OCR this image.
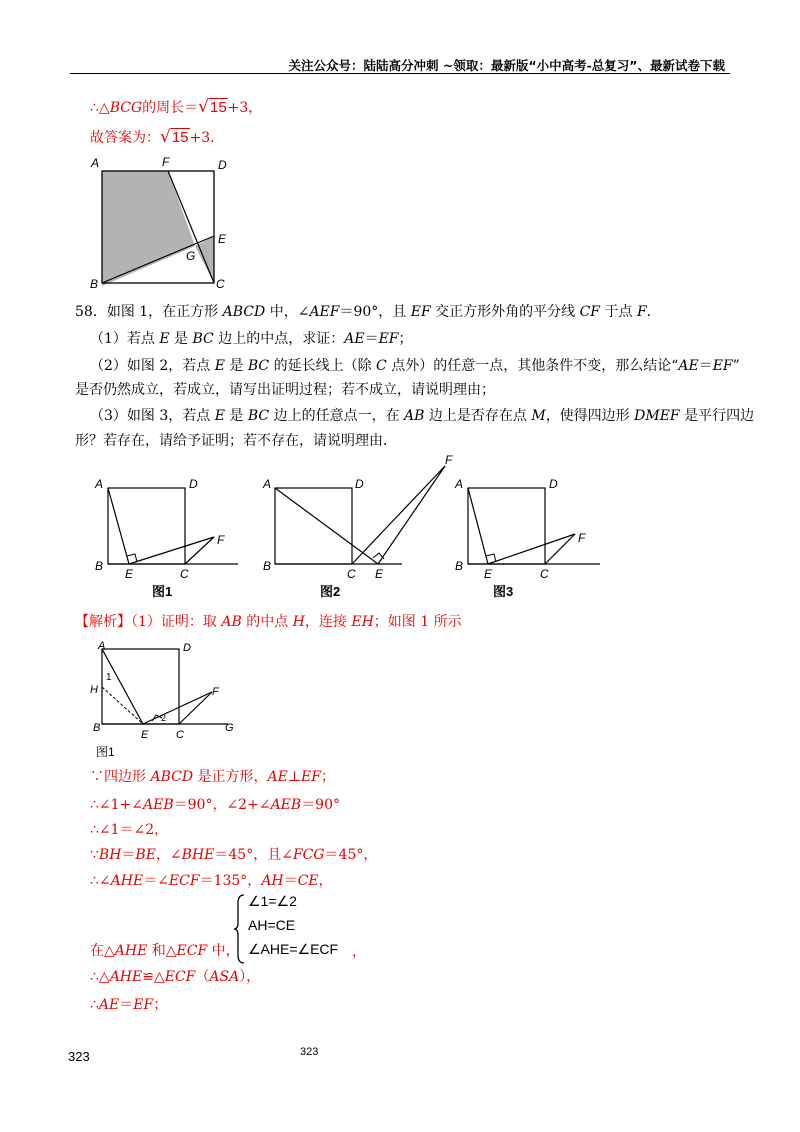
关注公众号：陆陆高分冲刺 ~领取：最新版“小中高考-总复习”、最新试卷下载
∴△BCG的周长＝√15+3，
故答案为：√15+3．
A	F	D
E
G
B	C
58．如图 1，在正方形 ABCD 中，∠AEF＝90°，且 EF 交正方形外角的平分线 CF 于点 F．
（1）若点 E 是 BC 边上的中点，求证：AE＝EF；
（2）如图 2，若点 E 是 BC 的延长线上（除 C 点外）的任意一点，其他条件不变，那么结论“AE＝EF”
是否仍然成立，若成立，请写出证明过程；若不成立，请说明理由；
（3）如图 3，若点 E 是 BC 边上的任意点一，在 AB 边上是否存在点 M，使得四边形 DMEF 是平行四边
形？若存在，请给予证明；若不存在，请说明理由．
A	D
B
E	C
F
图1
A	D
B
C E
F
图2
A	D
B
E	C
F
图3
【解析】（1）证明：取 AB 的中点 H，连接 EH；如图 1 所示
A	D
1
H
2
F
B
E	C
G
图1
∵四边形 ABCD 是正方形，AE⊥EF；
∴∠1+∠AEB＝90°，∠2+∠AEB＝90°
∴∠1＝∠2，
∵BH＝BE，∠BHE＝45°，且∠FCG＝45°，
∴∠AHE＝∠ECF＝135°，AH＝CE，
∠1=∠2
AH=CE
∠AHE=∠ECF
在△AHE 和△ECF 中，	，
∴△AHE≌△ECF（ASA），
∴AE＝EF；
323	323
